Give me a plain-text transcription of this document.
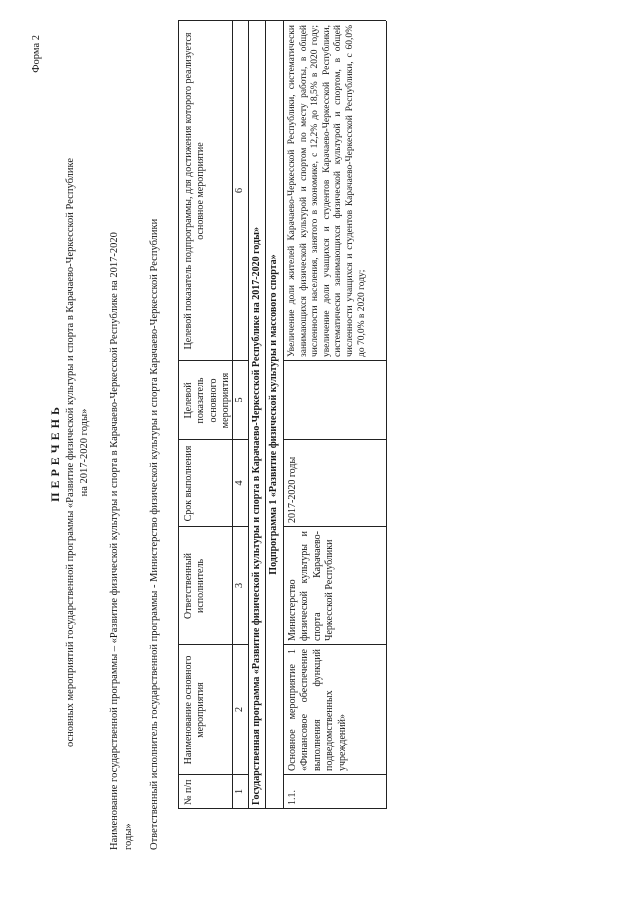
Форма 2
ПЕРЕЧЕНЬ основных мероприятий государственной программы «Развитие физической культуры и спорта в Карачаево-Черкесской Республике на 2017-2020 годы» Наименование государственной программы – «Развитие физической культуры и спорта в Карачаево-Черкесской Республике на 2017-2020 годы» Ответственный исполнитель государственной программы - Министерство физической культуры и спорта Карачаево-Черкесской Республики № п/п
Наименование основного мероприятия
Ответственный исполнитель
Срок выполнения
Целевой показатель основного мероприятия
Целевой показатель подпрограммы, для достижения которого реализуется основное мероприятие
1
2
3
4
5
6
Государственная программа «Развитие физической культуры и спорта в Карачаево-Черкесской Республике на 2017-2020 годы» Подпрограмма 1 «Развитие физической культуры и массового спорта»
1.1.
Основное мероприятие 1 «Финансовое обеспечение выполнения функций подведомственных учреждений»
Министерство физической культуры и спорта Карачаево-Черкесской Республики
2017-2020 годы
Увеличение доли жителей Карачаево-Черкесской Республики, систематически занимающихся физической культурой и спортом по месту работы, в общей численности населения, занятого в экономике, с 12,2% до 18,5% в 2020 году; увеличение доли учащихся и студентов Карачаево-Черкесской Республики, систематически занимающихся физической культурой и спортом, в общей численности учащихся и студентов Карачаево-Черкесской Республики, с 60,0% до 70,0% в 2020 году;
